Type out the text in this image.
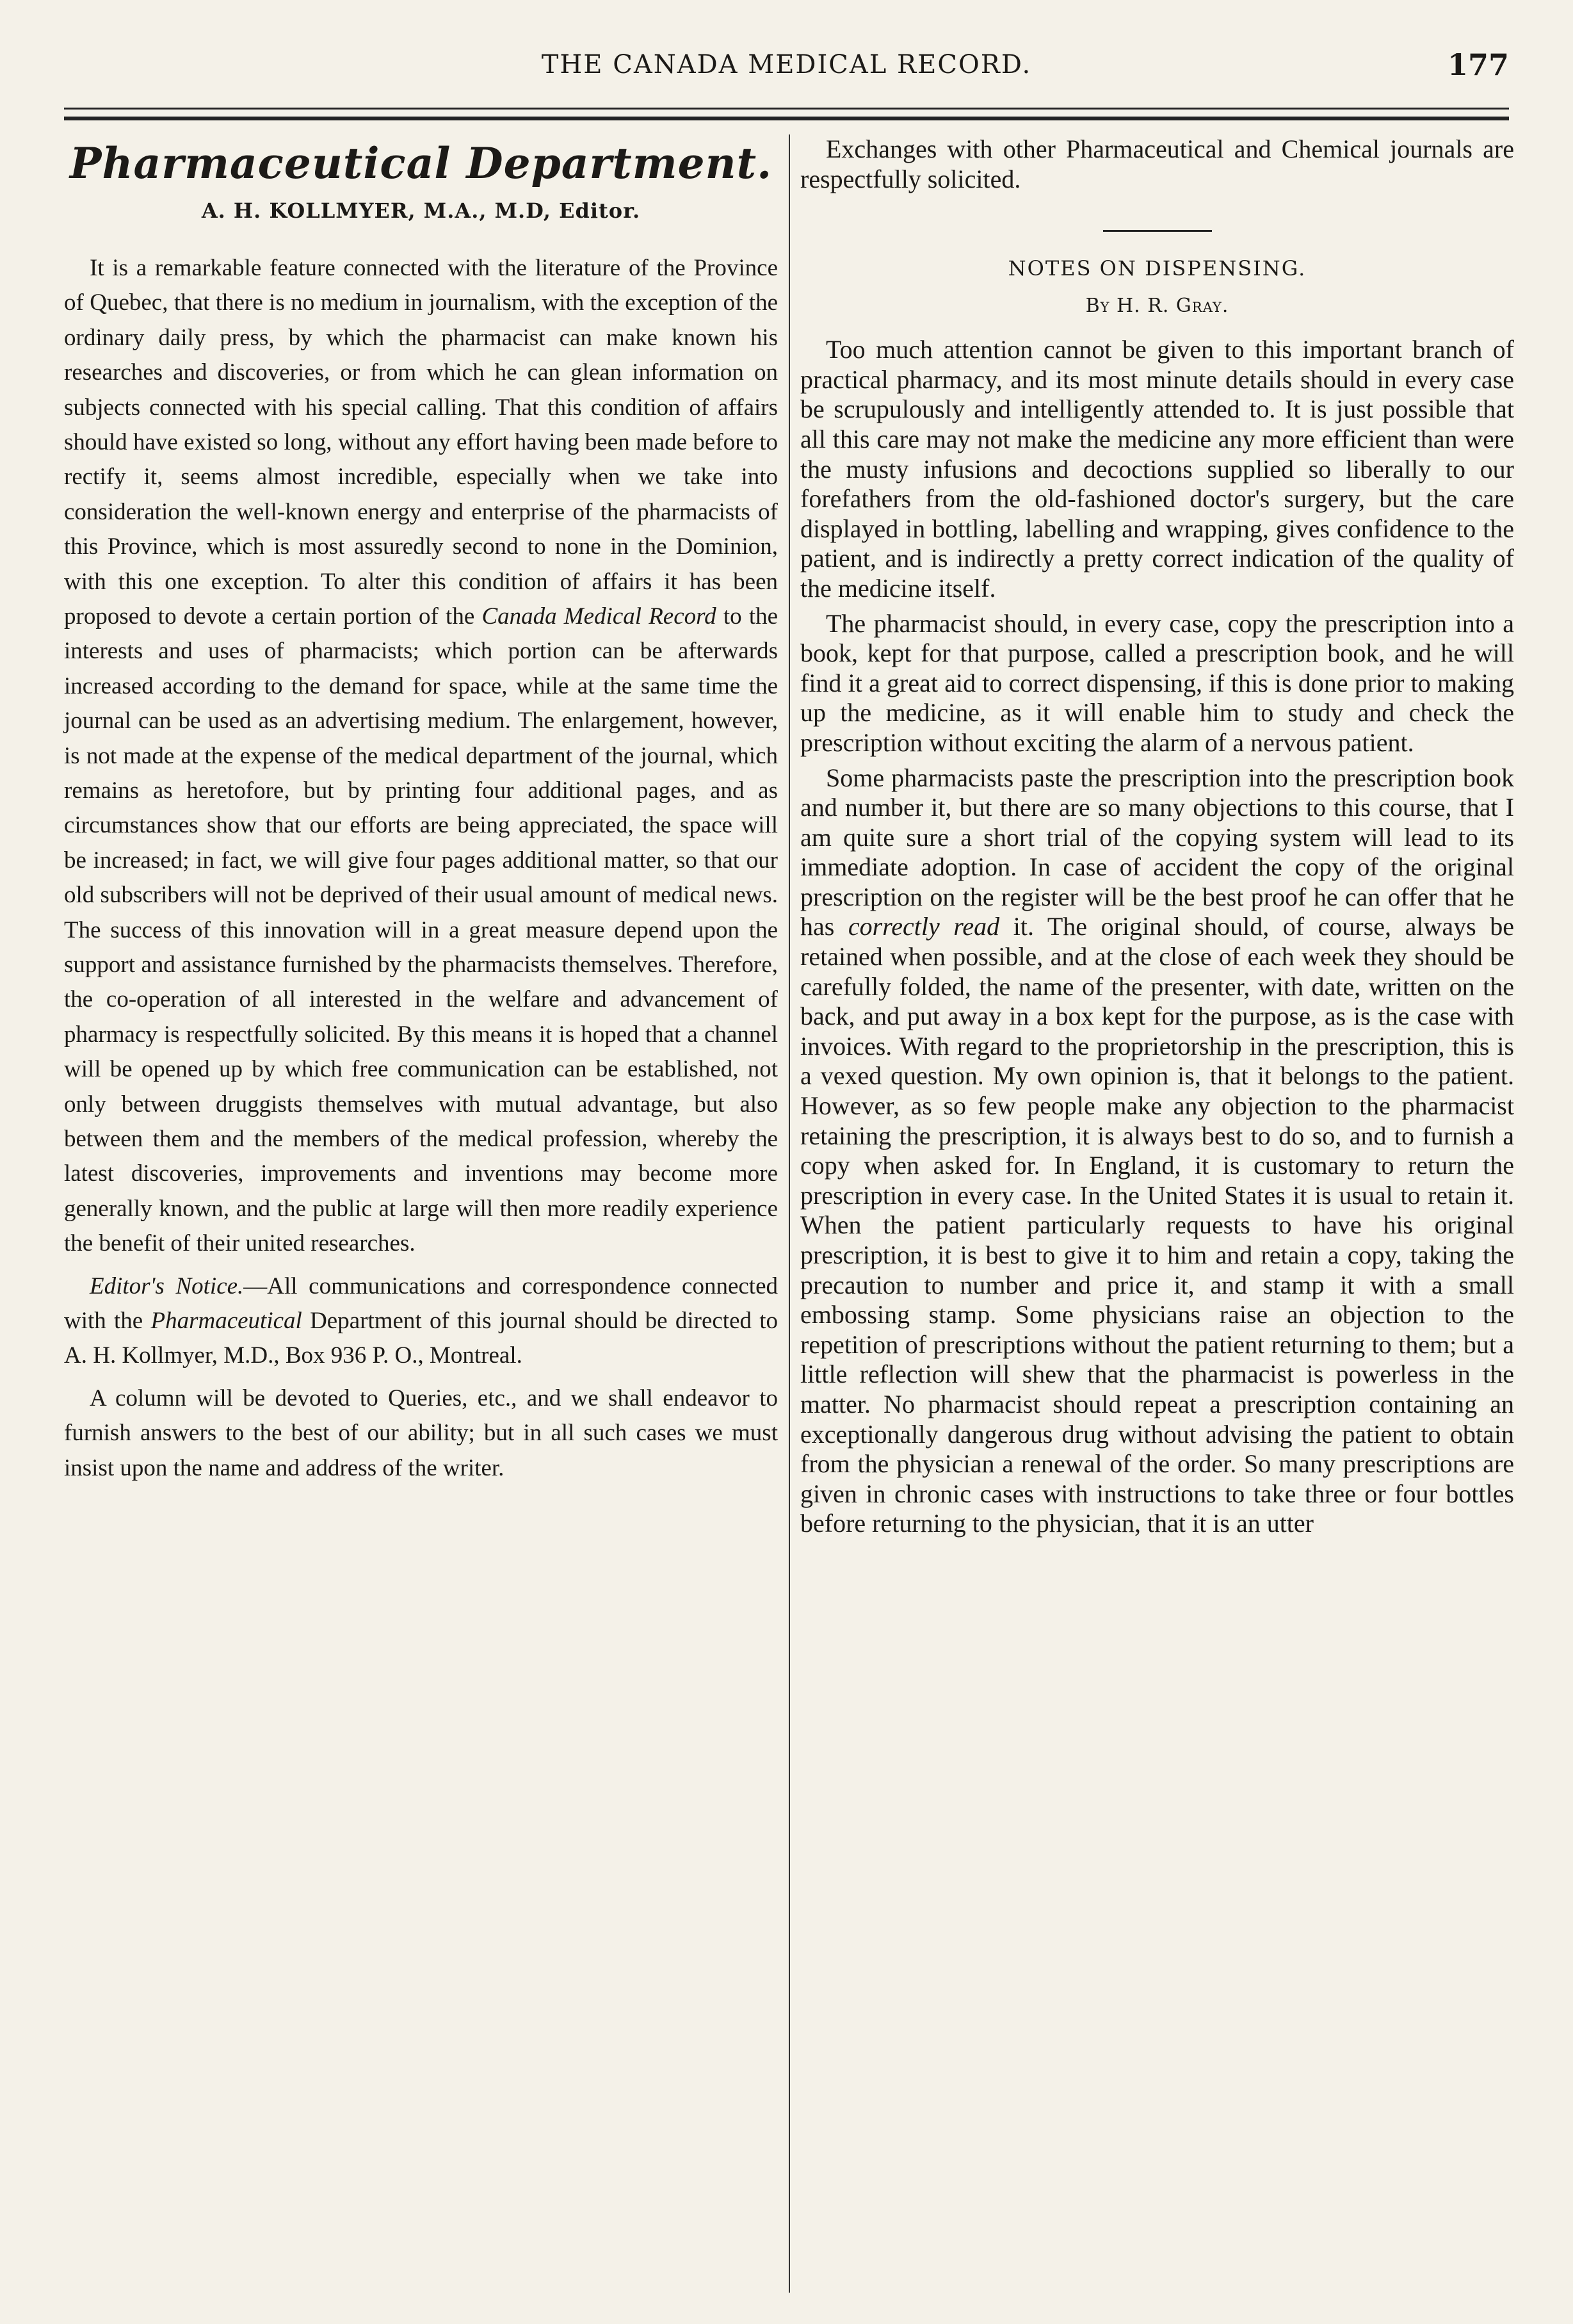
THE CANADA MEDICAL RECORD.	177
Pharmaceutical Department.
A. H. KOLLMYER, M.A., M.D, Editor.

It is a remarkable feature connected with the literature of the Province of Quebec, that there is no medium in journalism, with the exception of the ordinary daily press, by which the pharmacist can make known his researches and discoveries, or from which he can glean information on subjects connected with his special calling. That this condition of affairs should have existed so long, without any effort having been made before to rectify it, seems almost incredible, especially when we take into consideration the well-known energy and enterprise of the pharmacists of this Province, which is most assuredly second to none in the Dominion, with this one exception. To alter this condition of affairs it has been proposed to devote a certain portion of the Canada Medical Record to the interests and uses of pharmacists; which portion can be afterwards increased according to the demand for space, while at the same time the journal can be used as an advertising medium. The enlargement, however, is not made at the expense of the medical department of the journal, which remains as heretofore, but by printing four additional pages, and as circumstances show that our efforts are being appreciated, the space will be increased; in fact, we will give four pages additional matter, so that our old subscribers will not be deprived of their usual amount of medical news. The success of this innovation will in a great measure depend upon the support and assistance furnished by the pharmacists themselves. Therefore, the co-operation of all interested in the welfare and advancement of pharmacy is respectfully solicited. By this means it is hoped that a channel will be opened up by which free communication can be established, not only between druggists themselves with mutual advantage, but also between them and the members of the medical profession, whereby the latest discoveries, improvements and inventions may become more generally known, and the public at large will then more readily experience the benefit of their united researches.

Editor's Notice.—All communications and correspondence connected with the Pharmaceutical Department of this journal should be directed to A. H. Kollmyer, M.D., Box 936 P. O., Montreal.

A column will be devoted to Queries, etc., and we shall endeavor to furnish answers to the best of our ability; but in all such cases we must insist upon the name and address of the writer.

Exchanges with other Pharmaceutical and Chemical journals are respectfully solicited.

NOTES ON DISPENSING.
By H. R. Gray.

Too much attention cannot be given to this important branch of practical pharmacy, and its most minute details should in every case be scrupulously and intelligently attended to. It is just possible that all this care may not make the medicine any more efficient than were the musty infusions and decoctions supplied so liberally to our forefathers from the old-fashioned doctor's surgery, but the care displayed in bottling, labelling and wrapping, gives confidence to the patient, and is indirectly a pretty correct indication of the quality of the medicine itself.

The pharmacist should, in every case, copy the prescription into a book, kept for that purpose, called a prescription book, and he will find it a great aid to correct dispensing, if this is done prior to making up the medicine, as it will enable him to study and check the prescription without exciting the alarm of a nervous patient.

Some pharmacists paste the prescription into the prescription book and number it, but there are so many objections to this course, that I am quite sure a short trial of the copying system will lead to its immediate adoption. In case of accident the copy of the original prescription on the register will be the best proof he can offer that he has correctly read it. The original should, of course, always be retained when possible, and at the close of each week they should be carefully folded, the name of the presenter, with date, written on the back, and put away in a box kept for the purpose, as is the case with invoices. With regard to the proprietorship in the prescription, this is a vexed question. My own opinion is, that it belongs to the patient. However, as so few people make any objection to the pharmacist retaining the prescription, it is always best to do so, and to furnish a copy when asked for. In England, it is customary to return the prescription in every case. In the United States it is usual to retain it. When the patient particularly requests to have his original prescription, it is best to give it to him and retain a copy, taking the precaution to number and price it, and stamp it with a small embossing stamp. Some physicians raise an objection to the repetition of prescriptions without the patient returning to them; but a little reflection will shew that the pharmacist is powerless in the matter. No pharmacist should repeat a prescription containing an exceptionally dangerous drug without advising the patient to obtain from the physician a renewal of the order. So many prescriptions are given in chronic cases with instructions to take three or four bottles before returning to the physician, that it is an utter
